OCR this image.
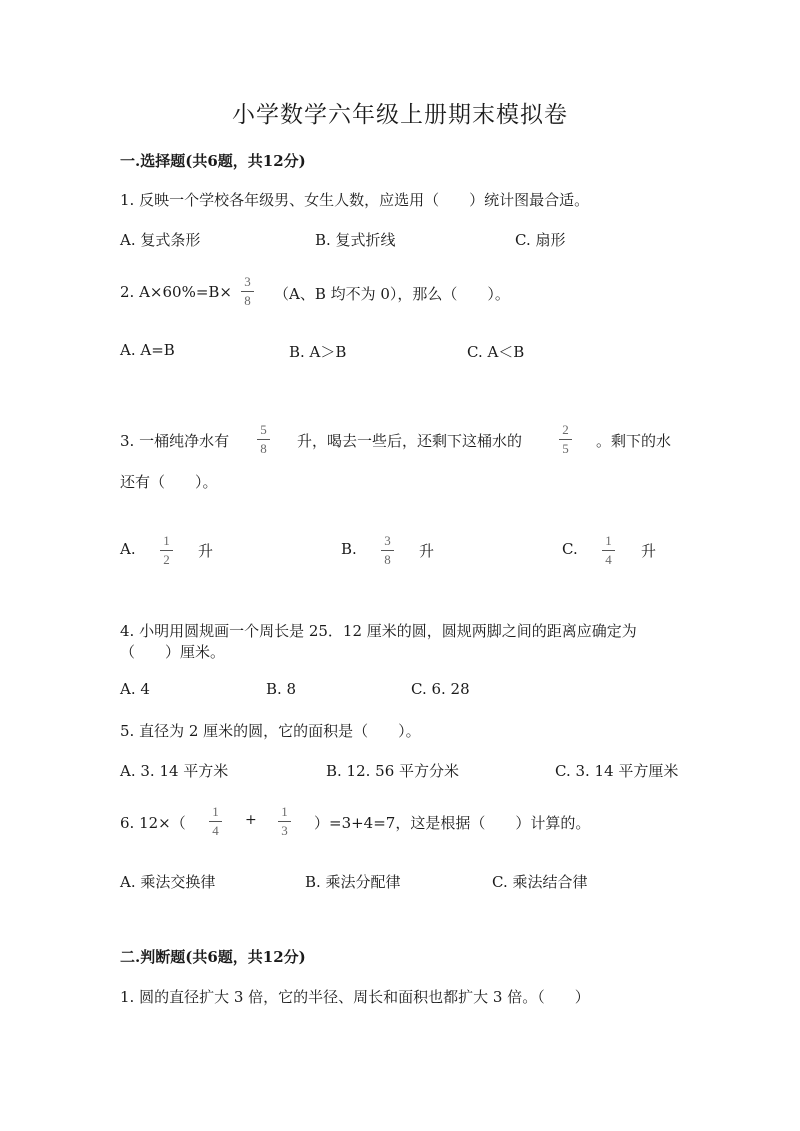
小学数学六年级上册期末模拟卷
一.选择题(共6题，共12分)
1. 反映一个学校各年级男、女生人数，应选用（　　）统计图最合适。
A. 复式条形	B. 复式折线	C. 扇形
2. A×60%=B×
3
8 （A、B 均不为 0），那么（　　）。
A. A=B	B. A＞B	C. A＜B
3. 一桶纯净水有
5
8 升，喝去一些后，还剩下这桶水的
2
5 。剩下的水
还有（　　）。
A. 1
2 升	B. 3
8 升	C. 1
4 升
4. 小明用圆规画一个周长是 25．12 厘米的圆，圆规两脚之间的距离应确定为
（　　）厘米。
A. 4	B. 8	C. 6. 28
5. 直径为 2 厘米的圆，它的面积是（　　）。
A. 3. 14 平方米	B. 12. 56 平方分米	C. 3. 14 平方厘米
6. 12×（
1
4
+
1
3 ）=3+4=7，这是根据（　　）计算的。
A. 乘法交换律	B. 乘法分配律	C. 乘法结合律
二.判断题(共6题，共12分)
1. 圆的直径扩大 3 倍，它的半径、周长和面积也都扩大 3 倍。（　　）
